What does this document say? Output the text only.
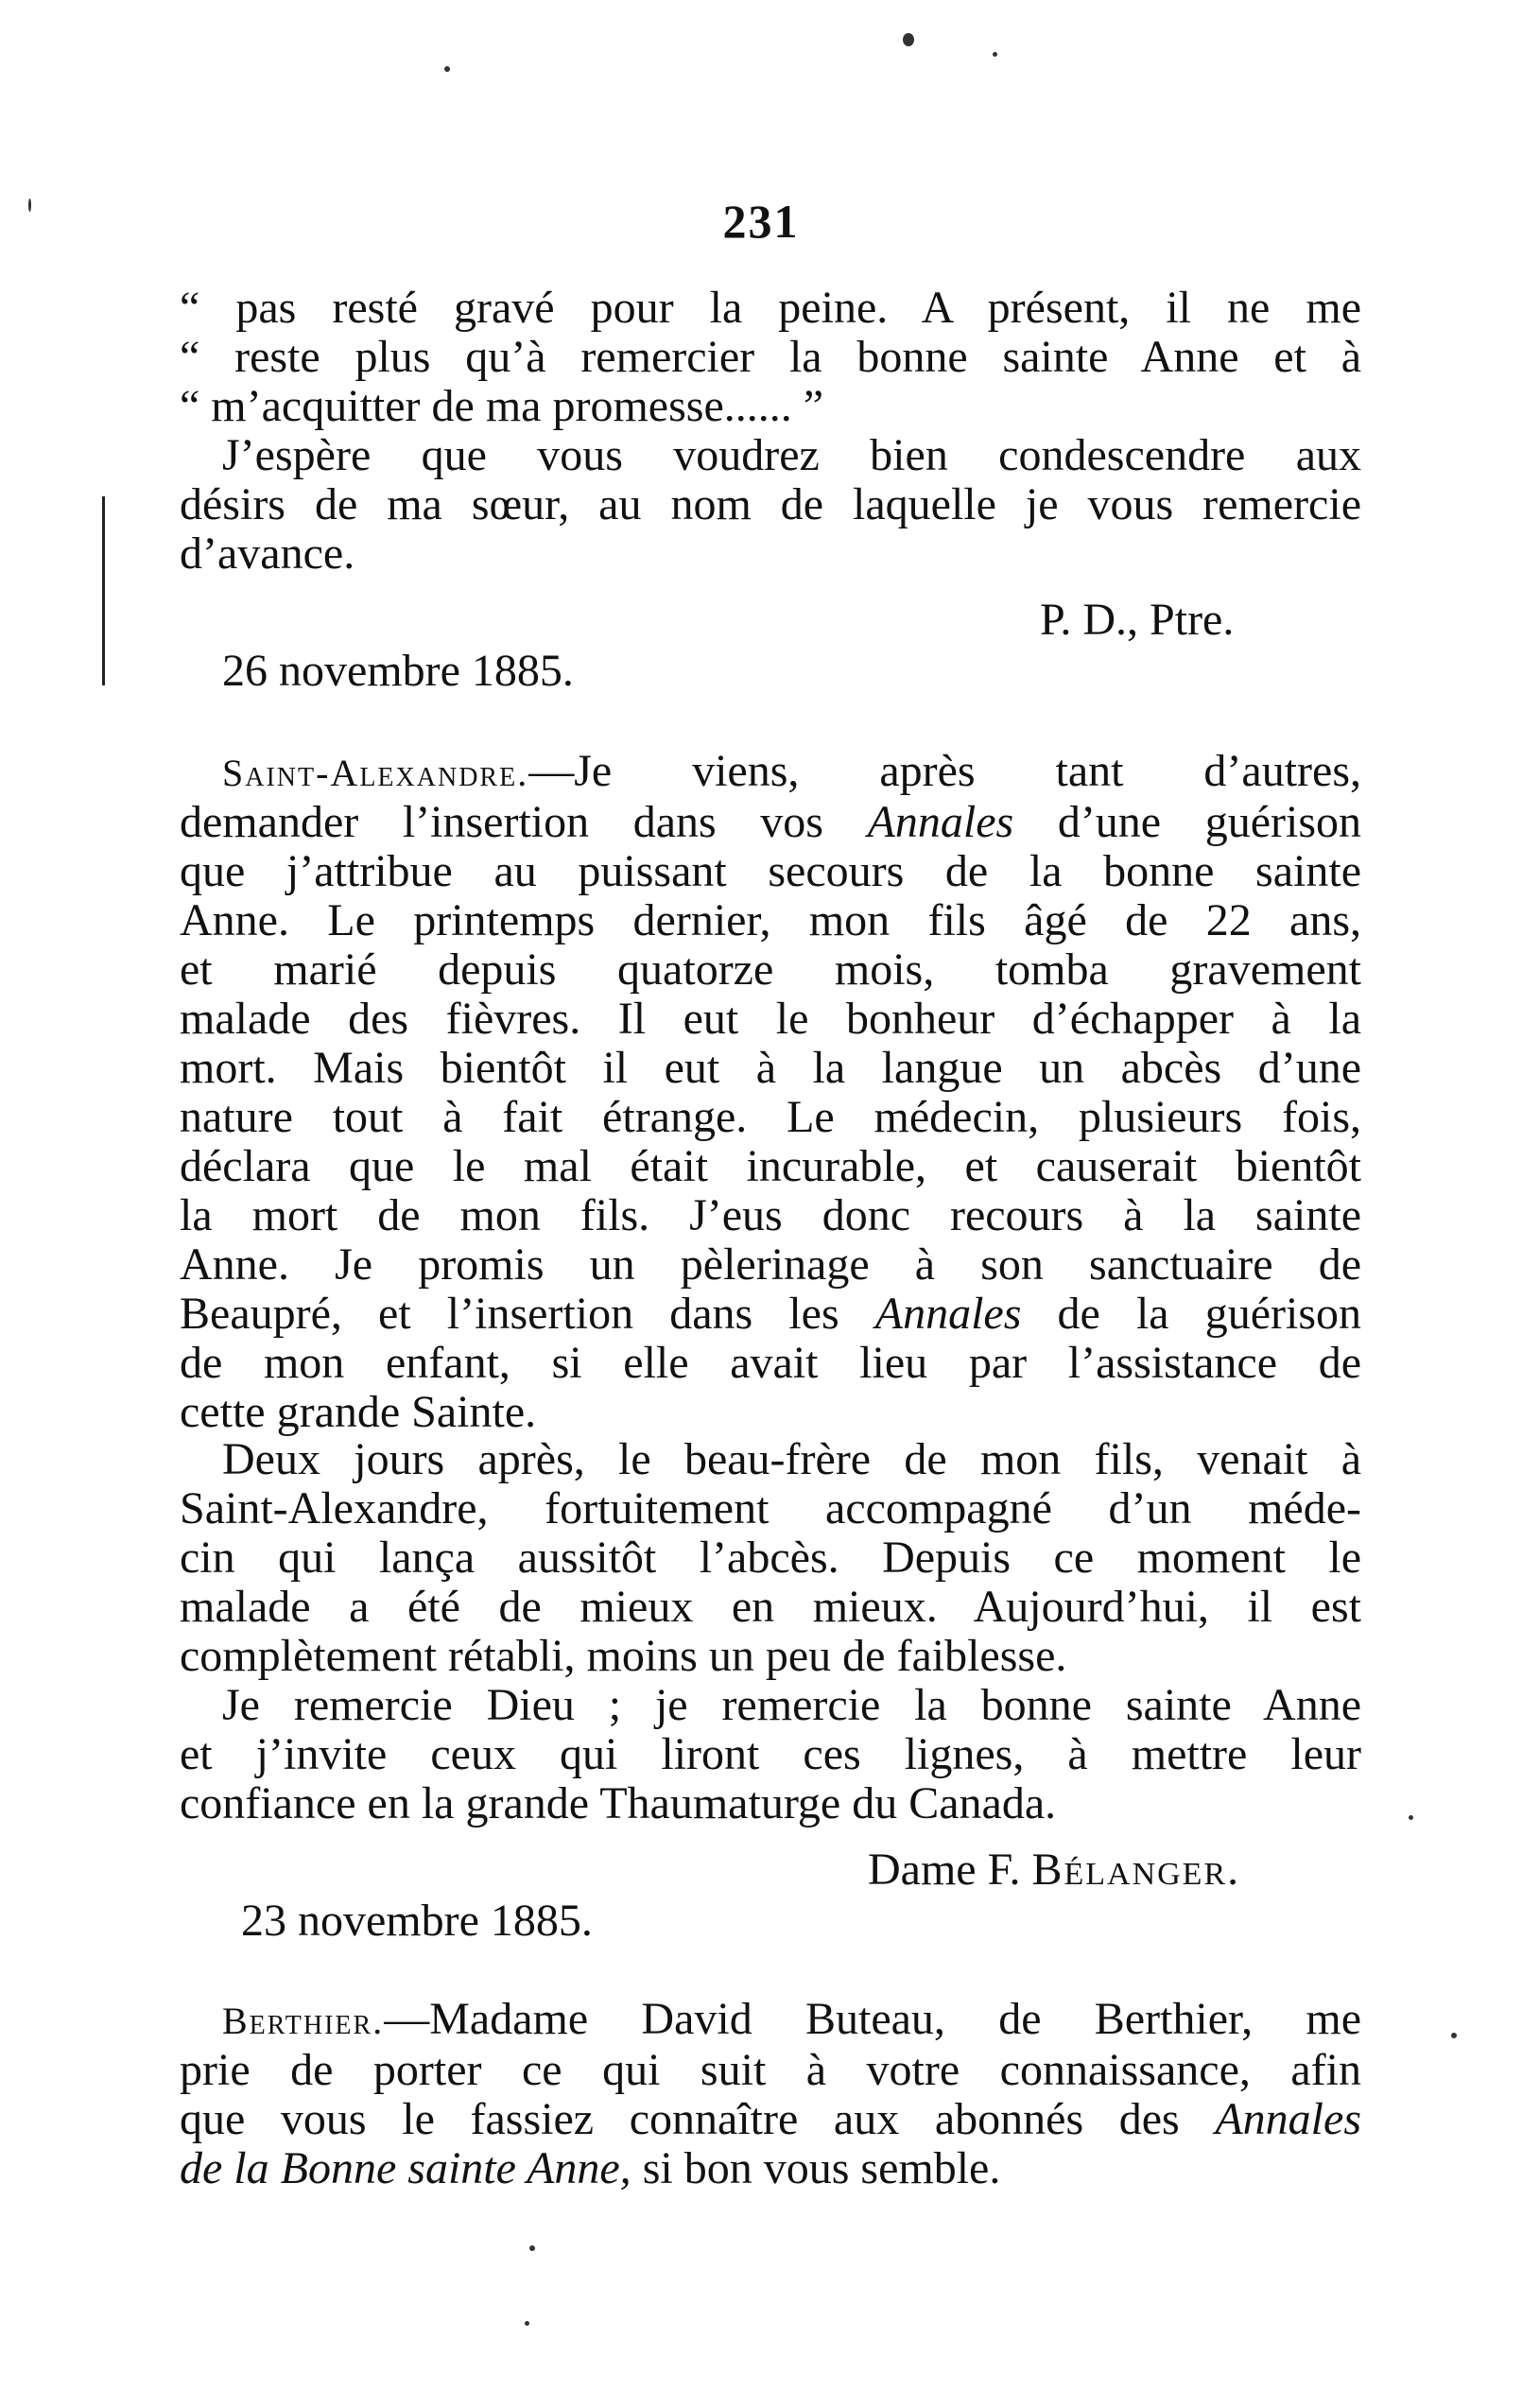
231
“ pas resté gravé pour la peine. A présent, il ne me
“ reste plus qu’à remercier la bonne sainte Anne et à
“ m’acquitter de ma promesse...... ”
J’espère que vous voudrez bien condescendre aux
désirs de ma sœur, au nom de laquelle je vous remercie
d’avance.
P. D., Ptre.
26 novembre 1885.
Saint-Alexandre.—Je viens, après tant d’autres,
demander l’insertion dans vos Annales d’une guérison
que j’attribue au puissant secours de la bonne sainte
Anne. Le printemps dernier, mon fils âgé de 22 ans,
et marié depuis quatorze mois, tomba gravement
malade des fièvres. Il eut le bonheur d’échapper à la
mort. Mais bientôt il eut à la langue un abcès d’une
nature tout à fait étrange. Le médecin, plusieurs fois,
déclara que le mal était incurable, et causerait bientôt
la mort de mon fils. J’eus donc recours à la sainte
Anne. Je promis un pèlerinage à son sanctuaire de
Beaupré, et l’insertion dans les Annales de la guérison
de mon enfant, si elle avait lieu par l’assistance de
cette grande Sainte.
Deux jours après, le beau-frère de mon fils, venait à
Saint-Alexandre, fortuitement accompagné d’un méde-
cin qui lança aussitôt l’abcès. Depuis ce moment le
malade a été de mieux en mieux. Aujourd’hui, il est
complètement rétabli, moins un peu de faiblesse.
Je remercie Dieu ; je remercie la bonne sainte Anne
et j’invite ceux qui liront ces lignes, à mettre leur
confiance en la grande Thaumaturge du Canada.
Dame F. Bélanger.
23 novembre 1885.
Berthier.—Madame David Buteau, de Berthier, me
prie de porter ce qui suit à votre connaissance, afin
que vous le fassiez connaître aux abonnés des Annales
de la Bonne sainte Anne, si bon vous semble.
